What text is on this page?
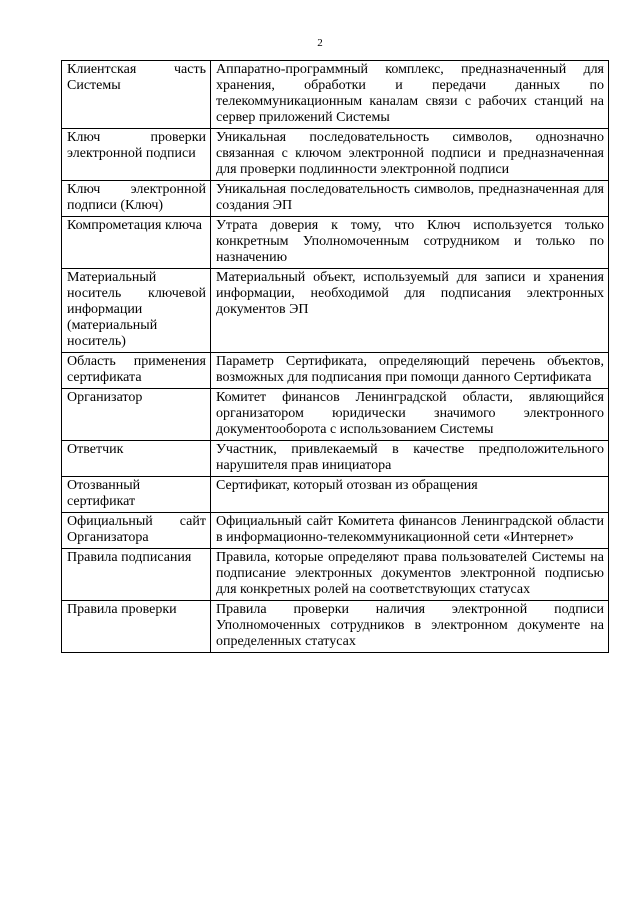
2
Клиентская часть Системы	Аппаратно-программный комплекс, предназначенный для хранения, обработки и передачи данных по телекоммуникационным каналам связи с рабочих станций на сервер приложений Системы
Ключ проверки электронной подписи	Уникальная последовательность символов, однозначно связанная с ключом электронной подписи и предназначенная для проверки подлинности электронной подписи
Ключ электронной подписи (Ключ)	Уникальная последовательность символов, предназначенная для создания ЭП
Компрометация ключа	Утрата доверия к тому, что Ключ используется только конкретным Уполномоченным сотрудником и только по назначению
Материальный носитель ключевой информации (материальный носитель)	Материальный объект, используемый для записи и хранения информации, необходимой для подписания электронных документов ЭП
Область применения сертификата	Параметр Сертификата, определяющий перечень объектов, возможных для подписания при помощи данного Сертификата
Организатор	Комитет финансов Ленинградской области, являющийся организатором юридически значимого электронного документооборота с использованием Системы
Ответчик	Участник, привлекаемый в качестве предположительного нарушителя прав инициатора
Отозванный сертификат	Сертификат, который отозван из обращения
Официальный сайт Организатора	Официальный сайт Комитета финансов Ленинградской области в информационно-телекоммуникационной сети «Интернет»
Правила подписания	Правила, которые определяют права пользователей Системы на подписание электронных документов электронной подписью для конкретных ролей на соответствующих статусах
Правила проверки	Правила проверки наличия электронной подписи Уполномоченных сотрудников в электронном документе на определенных статусах
